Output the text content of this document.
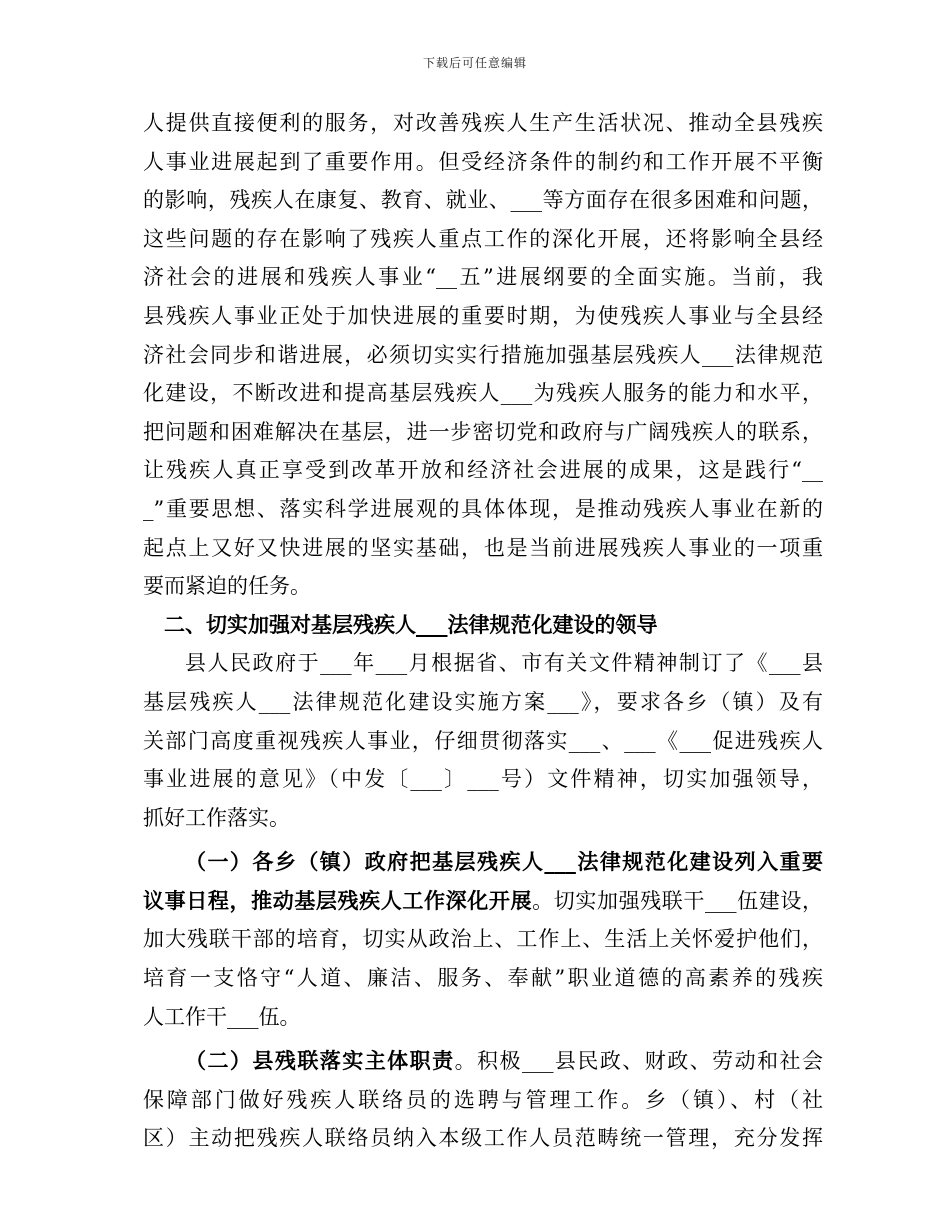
下载后可任意编辑
人提供直接便利的服务，对改善残疾人生产生活状况、推动全县残疾
人事业进展起到了重要作用。但受经济条件的制约和工作开展不平衡
的影响，残疾人在康复、教育、就业、___等方面存在很多困难和问题，
这些问题的存在影响了残疾人重点工作的深化开展，还将影响全县经
济社会的进展和残疾人事业“__五”进展纲要的全面实施。当前，我
县残疾人事业正处于加快进展的重要时期，为使残疾人事业与全县经
济社会同步和谐进展，必须切实实行措施加强基层残疾人___法律规范
化建设，不断改进和提高基层残疾人___为残疾人服务的能力和水平，
把问题和困难解决在基层，进一步密切党和政府与广阔残疾人的联系，
让残疾人真正享受到改革开放和经济社会进展的成果，这是践行“__
_”重要思想、落实科学进展观的具体体现，是推动残疾人事业在新的
起点上又好又快进展的坚实基础，也是当前进展残疾人事业的一项重
要而紧迫的任务。
二、切实加强对基层残疾人___法律规范化建设的领导
县人民政府于___年___月根据省、市有关文件精神制订了《___县
基层残疾人___法律规范化建设实施方案___》，要求各乡（镇）及有
关部门高度重视残疾人事业，仔细贯彻落实___、___《___促进残疾人
事业进展的意见》（中发〔___〕___号）文件精神，切实加强领导，
抓好工作落实。
（一）各乡（镇）政府把基层残疾人___法律规范化建设列入重要
议事日程，推动基层残疾人工作深化开展。切实加强残联干___伍建设，
加大残联干部的培育，切实从政治上、工作上、生活上关怀爱护他们，
培育一支恪守“人道、廉洁、服务、奉献”职业道德的高素养的残疾
人工作干___伍。
（二）县残联落实主体职责。积极___县民政、财政、劳动和社会
保障部门做好残疾人联络员的选聘与管理工作。乡（镇）、村（社
区）主动把残疾人联络员纳入本级工作人员范畴统一管理，充分发挥
